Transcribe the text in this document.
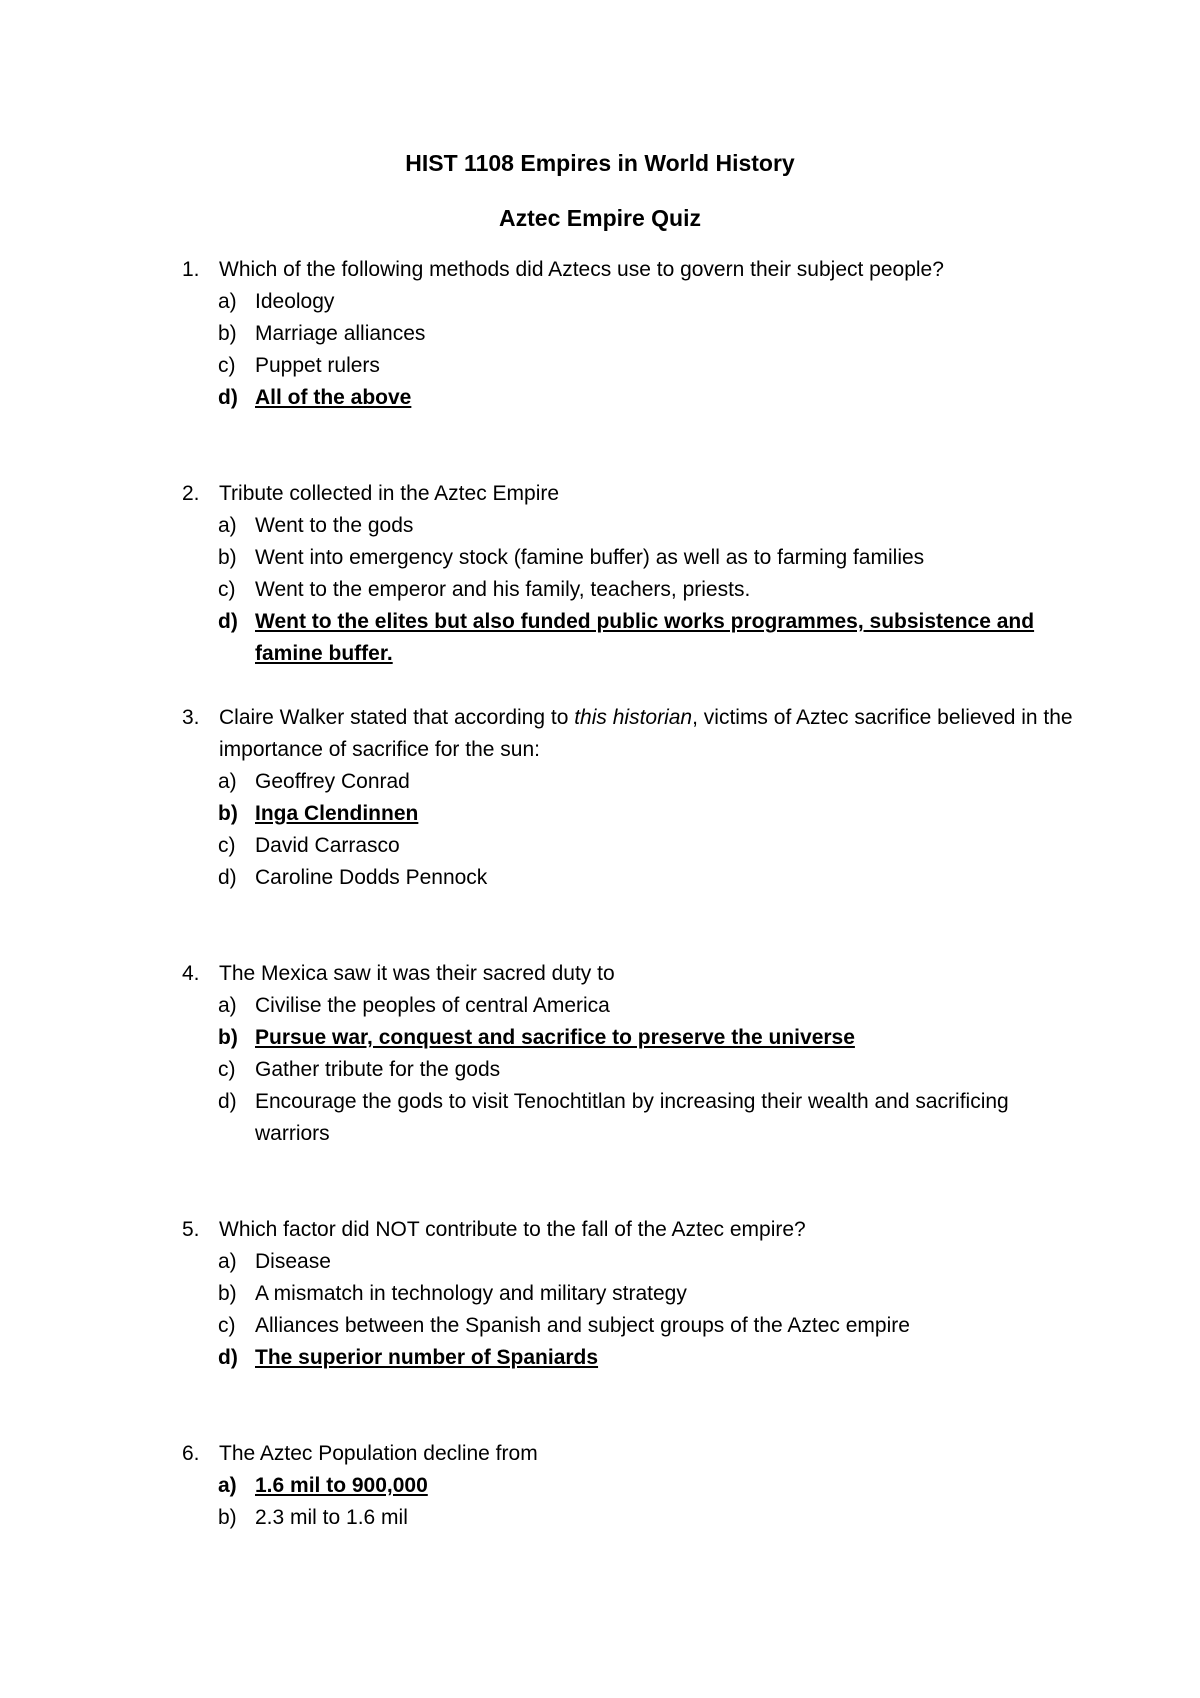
HIST 1108 Empires in World History
Aztec Empire Quiz
1. Which of the following methods did Aztecs use to govern their subject people?
a) Ideology
b) Marriage alliances
c) Puppet rulers
d) All of the above
2. Tribute collected in the Aztec Empire
a) Went to the gods
b) Went into emergency stock (famine buffer) as well as to farming families
c) Went to the emperor and his family, teachers, priests.
d) Went to the elites but also funded public works programmes, subsistence and famine buffer.
3. Claire Walker stated that according to this historian, victims of Aztec sacrifice believed in the importance of sacrifice for the sun:
a) Geoffrey Conrad
b) Inga Clendinnen
c) David Carrasco
d) Caroline Dodds Pennock
4. The Mexica saw it was their sacred duty to
a) Civilise the peoples of central America
b) Pursue war, conquest and sacrifice to preserve the universe
c) Gather tribute for the gods
d) Encourage the gods to visit Tenochtitlan by increasing their wealth and sacrificing warriors
5. Which factor did NOT contribute to the fall of the Aztec empire?
a) Disease
b) A mismatch in technology and military strategy
c) Alliances between the Spanish and subject groups of the Aztec empire
d) The superior number of Spaniards
6. The Aztec Population decline from
a) 1.6 mil to 900,000
b) 2.3 mil to 1.6 mil
